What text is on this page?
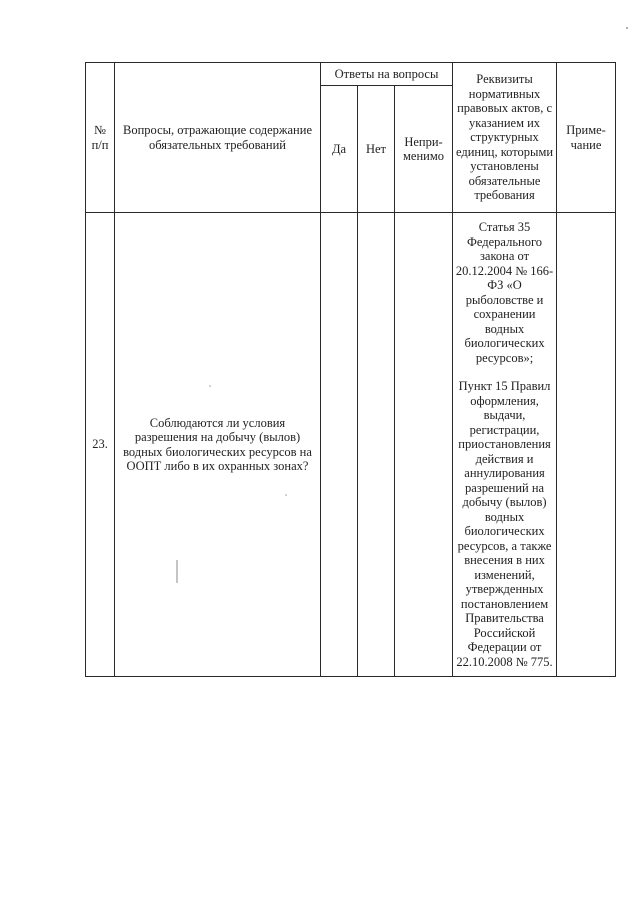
№ п/п	Вопросы, отражающие содержание обязательных требований	Ответы на вопросы			Реквизиты нормативных правовых актов, с указанием их структурных единиц, которыми установлены обязательные требования	Приме-чание
		Да	Нет	Непри-менимо		
23.	Соблюдаются ли условия разрешения на добычу (вылов) водных биологических ресурсов на ООПТ либо в их охранных зонах?				Статья 35 Федерального закона от 20.12.2004 № 166-ФЗ «О рыболовстве и сохранении водных биологических ресурсов»;
Пункт 15 Правил оформления, выдачи, регистрации, приостановления действия и аннулирования разрешений на добычу (вылов) водных биологических ресурсов, а также внесения в них изменений, утвержденных постановлением Правительства Российской Федерации от 22.10.2008 № 775.	
